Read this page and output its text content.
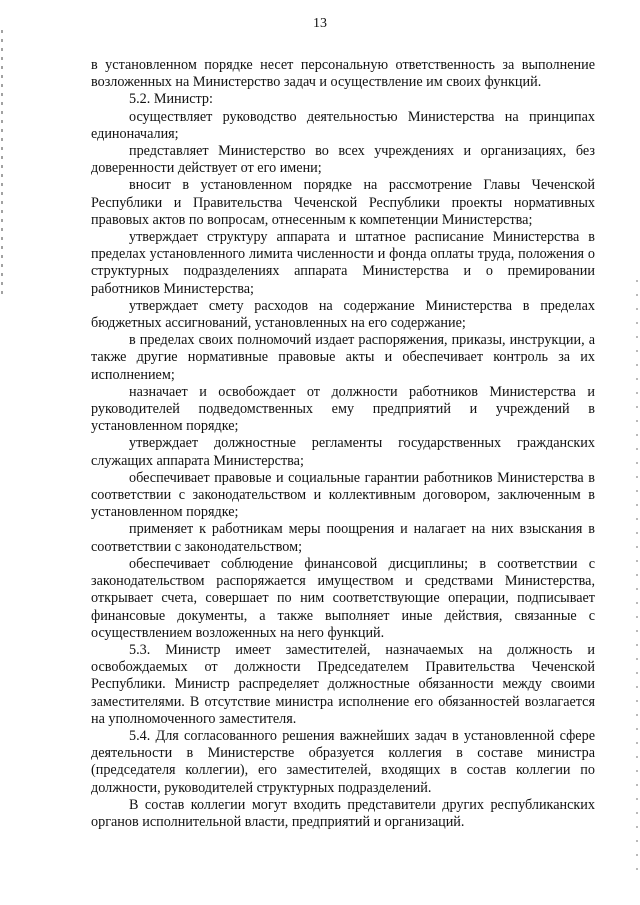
13

в установленном порядке несет персональную ответственность за выполнение возложенных на Министерство задач и осуществление им своих функций.

5.2. Министр:

осуществляет руководство деятельностью Министерства на принципах единоначалия;

представляет Министерство во всех учреждениях и организациях, без доверенности действует от его имени;

вносит в установленном порядке на рассмотрение Главы Чеченской Республики и Правительства Чеченской Республики проекты нормативных правовых актов по вопросам, отнесенным к компетенции Министерства;

утверждает структуру аппарата и штатное расписание Министерства в пределах установленного лимита численности и фонда оплаты труда, положения о структурных подразделениях аппарата Министерства и о премировании работников Министерства;

утверждает смету расходов на содержание Министерства в пределах бюджетных ассигнований, установленных на его содержание;

в пределах своих полномочий издает распоряжения, приказы, инструкции, а также другие нормативные правовые акты и обеспечивает контроль за их исполнением;

назначает и освобождает от должности работников Министерства и руководителей подведомственных ему предприятий и учреждений в установленном порядке;

утверждает должностные регламенты государственных гражданских служащих аппарата Министерства;

обеспечивает правовые и социальные гарантии работников Министерства в соответствии с законодательством и коллективным договором, заключенным в установленном порядке;

применяет к работникам меры поощрения и налагает на них взыскания в соответствии с законодательством;

обеспечивает соблюдение финансовой дисциплины; в соответствии с законодательством распоряжается имуществом и средствами Министерства, открывает счета, совершает по ним соответствующие операции, подписывает финансовые документы, а также выполняет иные действия, связанные с осуществлением возложенных на него функций.

5.3. Министр имеет заместителей, назначаемых на должность и освобождаемых от должности Председателем Правительства Чеченской Республики. Министр распределяет должностные обязанности между своими заместителями. В отсутствие министра исполнение его обязанностей возлагается на уполномоченного заместителя.

5.4. Для согласованного решения важнейших задач в установленной сфере деятельности в Министерстве образуется коллегия в составе министра (председателя коллегии), его заместителей, входящих в состав коллегии по должности, руководителей структурных подразделений.

В состав коллегии могут входить представители других республиканских органов исполнительной власти, предприятий и организаций.
